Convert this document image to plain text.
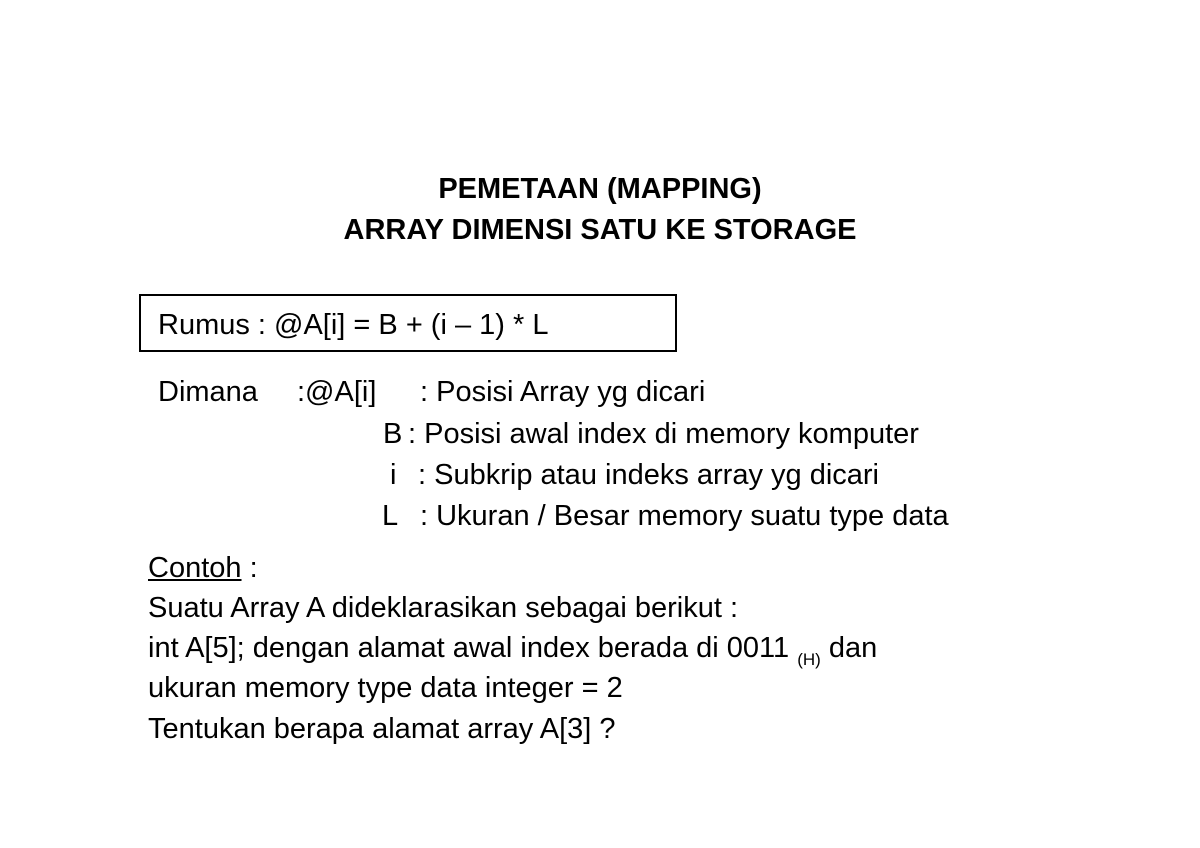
PEMETAAN (MAPPING)
ARRAY DIMENSI SATU KE STORAGE
Rumus : @A[i] = B + (i – 1) * L
Dimana :@A[i] : Posisi Array yg dicari
B : Posisi awal index di memory komputer
i : Subkrip atau indeks array yg dicari
L : Ukuran / Besar memory suatu type data
Contoh :
Suatu Array A dideklarasikan sebagai berikut :
int A[5]; dengan alamat awal index berada di 0011 $_{(H)}$ dan
ukuran memory type data integer = 2
Tentukan berapa alamat array A[3] ?
